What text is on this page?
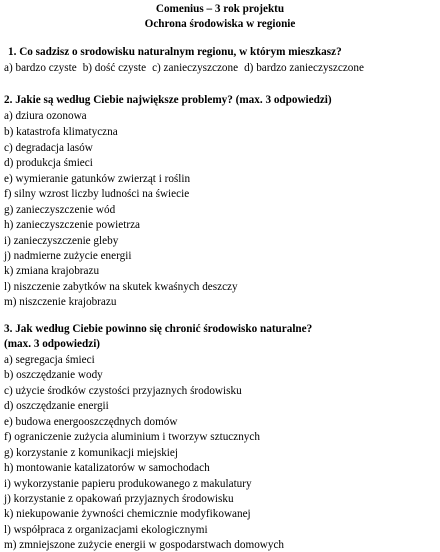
Comenius – 3 rok projektu
Ochrona środowiska w regionie
1. Co sadzisz o srodowisku naturalnym regionu, w którym mieszkasz?
a) bardzo czyste b) dość czyste c) zanieczyszczone d) bardzo zanieczyszczone
2. Jakie są według Ciebie największe problemy? (max. 3 odpowiedzi)
a) dziura ozonowa
b) katastrofa klimatyczna
c) degradacja lasów
d) produkcja śmieci
e) wymieranie gatunków zwierząt i roślin
f) silny wzrost liczby ludności na świecie
g) zanieczyszczenie wód
h) zanieczyszczenie powietrza
i) zanieczyszczenie gleby
j) nadmierne zużycie energii
k) zmiana krajobrazu
l) niszczenie zabytków na skutek kwaśnych deszczy
m) niszczenie krajobrazu
3. Jak według Ciebie powinno się chronić środowisko naturalne?
(max. 3 odpowiedzi)
a) segregacja śmieci
b) oszczędzanie wody
c) użycie środków czystości przyjaznych środowisku
d) oszczędzanie energii
e) budowa energooszczędnych domów
f) ograniczenie zużycia aluminium i tworzyw sztucznych
g) korzystanie z komunikacji miejskiej
h) montowanie katalizatorów w samochodach
i) wykorzystanie papieru produkowanego z makulatury
j) korzystanie z opakowań przyjaznych środowisku
k) niekupowanie żywności chemicznie modyfikowanej
l) współpraca z organizacjami ekologicznymi
m) zmniejszone zużycie energii w gospodarstwach domowych
